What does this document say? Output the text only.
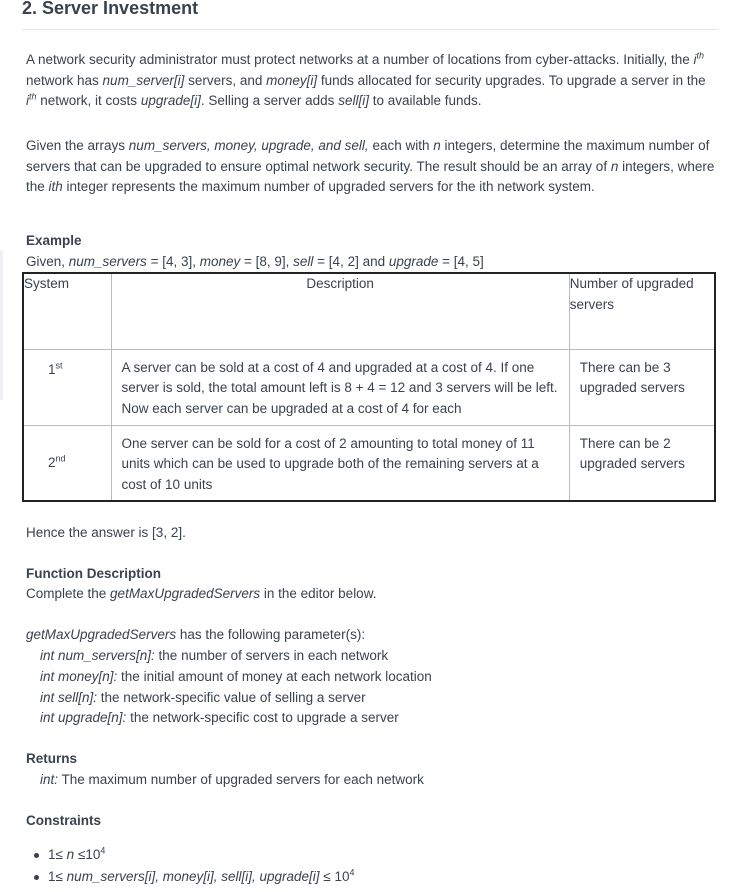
2. Server Investment

A network security administrator must protect networks at a number of locations from cyber-attacks. Initially, the $i^{th}$ network has num_server[i] servers, and money[i] funds allocated for security upgrades. To upgrade a server in the $i^{th}$ network, it costs upgrade[i]. Selling a server adds sell[i] to available funds.

Given the arrays num_servers, money, upgrade, and sell, each with n integers, determine the maximum number of servers that can be upgraded to ensure optimal network security. The result should be an array of n integers, where the ith integer represents the maximum number of upgraded servers for the ith network system.

Example

Given, num_servers = [4, 3], money = [8, 9], sell = [4, 2] and upgrade = [4, 5]

System	Description	Number of upgraded servers
1st	A server can be sold at a cost of 4 and upgraded at a cost of 4. If one server is sold, the total amount left is 8 + 4 = 12 and 3 servers will be left. Now each server can be upgraded at a cost of 4 for each	There can be 3 upgraded servers
2nd	One server can be sold for a cost of 2 amounting to total money of 11 units which can be used to upgrade both of the remaining servers at a cost of 10 units	There can be 2 upgraded servers

Hence the answer is [3, 2].

Function Description

Complete the getMaxUpgradedServers in the editor below.

getMaxUpgradedServers has the following parameter(s):

int num_servers[n]: the number of servers in each network

int money[n]: the initial amount of money at each network location

int sell[n]: the network-specific value of selling a server

int upgrade[n]: the network-specific cost to upgrade a server

Returns

int: The maximum number of upgraded servers for each network

Constraints

$1\le n \le 10^4$
1≤ num_servers[i], money[i], sell[i], upgrade[i] ≤ $10^4$
